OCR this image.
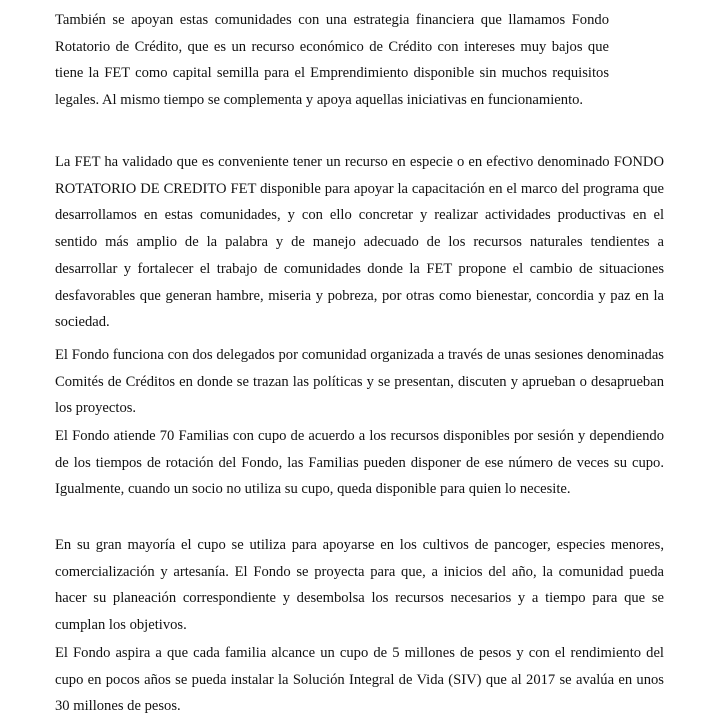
También se apoyan estas comunidades con una estrategia financiera que llamamos Fondo Rotatorio de Crédito, que es un recurso económico de Crédito con intereses muy bajos que tiene la FET como capital semilla para el Emprendimiento disponible sin muchos requisitos legales. Al mismo tiempo se complementa y apoya aquellas iniciativas en funcionamiento.

La FET ha validado que es conveniente tener un recurso en especie o en efectivo denominado FONDO ROTATORIO DE CREDITO FET disponible para apoyar la capacitación en el marco del programa que desarrollamos en estas comunidades, y con ello concretar y realizar actividades productivas en el sentido más amplio de la palabra y de manejo adecuado de los recursos naturales tendientes a desarrollar y fortalecer el trabajo de comunidades donde la FET propone el cambio de situaciones desfavorables que generan hambre, miseria y pobreza, por otras como bienestar, concordia y paz en la sociedad.

El Fondo funciona con dos delegados por comunidad organizada a través de unas sesiones denominadas Comités de Créditos en donde se trazan las políticas y se presentan, discuten y aprueban o desaprueban los proyectos.

El Fondo atiende 70 Familias con cupo de acuerdo a los recursos disponibles por sesión y dependiendo de los tiempos de rotación del Fondo, las Familias pueden disponer de ese número de veces su cupo. Igualmente, cuando un socio no utiliza su cupo, queda disponible para quien lo necesite.

En su gran mayoría el cupo se utiliza para apoyarse en los cultivos de pancoger, especies menores, comercialización y artesanía. El Fondo se proyecta para que, a inicios del año, la comunidad pueda hacer su planeación correspondiente y desembolsa los recursos necesarios y a tiempo para que se cumplan los objetivos.

El Fondo aspira a que cada familia alcance un cupo de 5 millones de pesos y con el rendimiento del cupo en pocos años se pueda instalar la Solución Integral de Vida (SIV) que al 2017 se avalúa en unos 30 millones de pesos.
